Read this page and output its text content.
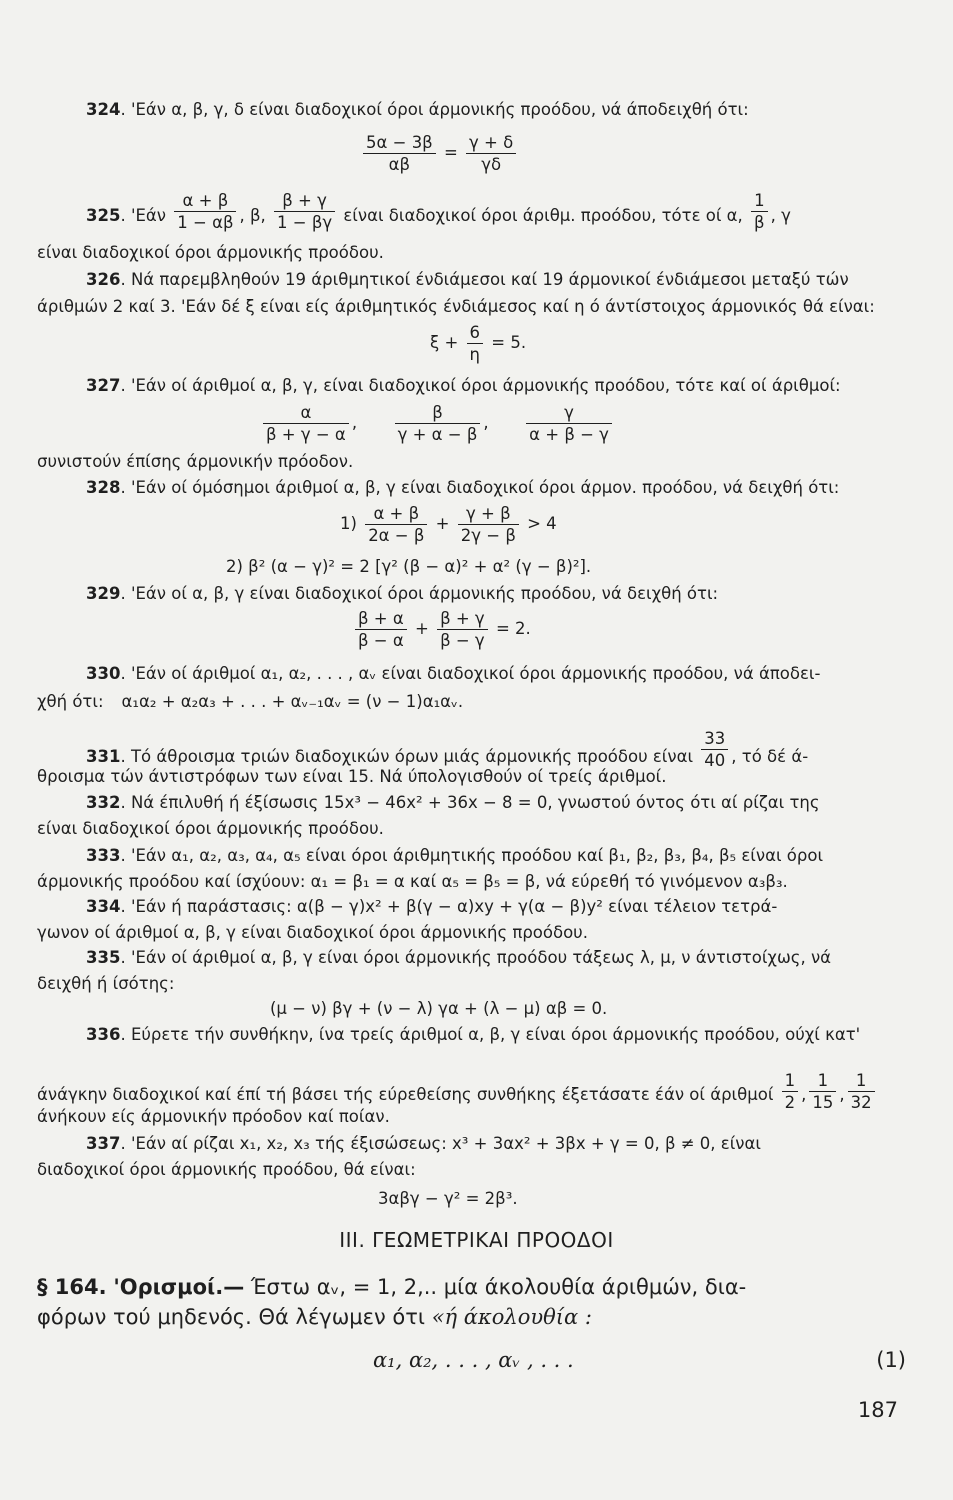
324. 'Εάν α, β, γ, δ είναι διαδοχικοί όροι άρμονικής προόδου, νά άποδειχθή ότι:
$\frac{5\alpha - 3\beta}{\alpha\beta} = \frac{\gamma + \delta}{\gamma\delta}$
325. '$Eά\nu \frac{\alpha + \beta}{1 - \alpha\beta}$ , β, $\frac{\beta + \gamma}{1 - \beta\gamma}$ είναι διαδοχικοί όροι άριθμ. προόδου, τότε οί α, $\frac{1}{\beta}$ , γ
είναι διαδοχικοί όροι άρμονικής προόδου.
326. Νά παρεμβληθούν 19 άριθμητικοί ένδιάμεσοι καί 19 άρμονικοί ένδιάμεσοι μεταξύ τών
άριθμών 2 καί 3. 'Εάν δέ ξ είναι είς άριθμητικός ένδιάμεσος καί η ό άντίστοιχος άρμονικός θά είναι:
$\xi + \frac{6}{\eta} = 5$.
327. 'Εάν οί άριθμοί α, β, γ, είναι διαδοχικοί όροι άρμονικής προόδου, τότε καί οί άριθμοί:
$\frac{\alpha}{\beta + \gamma - \alpha}$ , $\frac{\beta}{\gamma + \alpha - \beta}$ , $\frac{\gamma}{\alpha + \beta - \gamma}$
συνιστούν έπίσης άρμονικήν πρόοδον.
328. 'Εάν οί όμόσημοι άριθμοί α, β, γ είναι διαδοχικοί όροι άρμον. προόδου, νά δειχθή ότι:
$1) \frac{\alpha + \beta}{2\alpha - \beta} + \frac{\gamma + \beta}{2\gamma - \beta} > 4$
2) β² (α − γ)² = 2 [γ² (β − α)² + α² (γ − β)²].
329. 'Εάν οί α, β, γ είναι διαδοχικοί όροι άρμονικής προόδου, νά δειχθή ότι:
$\frac{\beta + \alpha}{\beta - \alpha} + \frac{\beta + \gamma}{\beta - \gamma} = 2$.
330. 'Εάν οί άριθμοί α₁, α₂, . . . , αᵥ είναι διαδοχικοί όροι άρμονικής προόδου, νά άποδει-
χθή ότι: α₁α₂ + α₂α₃ + . . . + αᵥ₋₁αᵥ = (ν − 1)α₁αᵥ.
331. Τό άθροισμα τριών διαδοχικών όρων μιάς άρμονικής προόδου είναι $\frac{33}{40}$ , τό δέ ά-
θροισμα τών άντιστρόφων των είναι 15. Νά ύπολογισθούν οί τρείς άριθμοί.
332. Νά έπιλυθή ή έξίσωσις 15x³ − 46x² + 36x − 8 = 0, γνωστού όντος ότι αί ρίζαι της
είναι διαδοχικοί όροι άρμονικής προόδου.
333. 'Εάν α₁, α₂, α₃, α₄, α₅ είναι όροι άριθμητικής προόδου καί β₁, β₂, β₃, β₄, β₅ είναι όροι
άρμονικής προόδου καί ίσχύουν: α₁ = β₁ = α καί α₅ = β₅ = β, νά εύρεθή τό γινόμενον α₃β₃.
334. 'Εάν ή παράστασις: α(β − γ)x² + β(γ − α)xy + γ(α − β)y² είναι τέλειον τετρά-
γωνον οί άριθμοί α, β, γ είναι διαδοχικοί όροι άρμονικής προόδου.
335. 'Εάν οί άριθμοί α, β, γ είναι όροι άρμονικής προόδου τάξεως λ, μ, ν άντιστοίχως, νά
δειχθή ή ίσότης:
(μ − ν) βγ + (ν − λ) γα + (λ − μ) αβ = 0.
336. Εύρετε τήν συνθήκην, ίνα τρείς άριθμοί α, β, γ είναι όροι άρμονικής προόδου, ούχί κατ'
άνάγκην διαδοχικοί καί έπί τή βάσει τής εύρεθείσης συνθήκης έξετάσατε έάν οί άριθμοί $\frac{1}{2}$ , $\frac{1}{15}$ , $\frac{1}{32}$
άνήκουν είς άρμονικήν πρόοδον καί ποίαν.
337. 'Εάν αί ρίζαι x₁, x₂, x₃ τής έξισώσεως: x³ + 3αx² + 3βx + γ = 0, β ≠ 0, είναι
διαδοχικοί όροι άρμονικής προόδου, θά είναι:
3αβγ − γ² = 2β³.
ΙΙΙ. ΓΕΩΜΕΤΡΙΚΑΙ ΠΡΟΟΔΟΙ
§ 164. 'Ορισμοί.— Έστω αᵥ, = 1, 2,.. μία άκολουθία άριθμών, δια-
φόρων τού μηδενός. Θά λέγωμεν ότι «ή άκολουθία :
α₁, α₂, . . . , αᵥ , . . .	(1)
187
